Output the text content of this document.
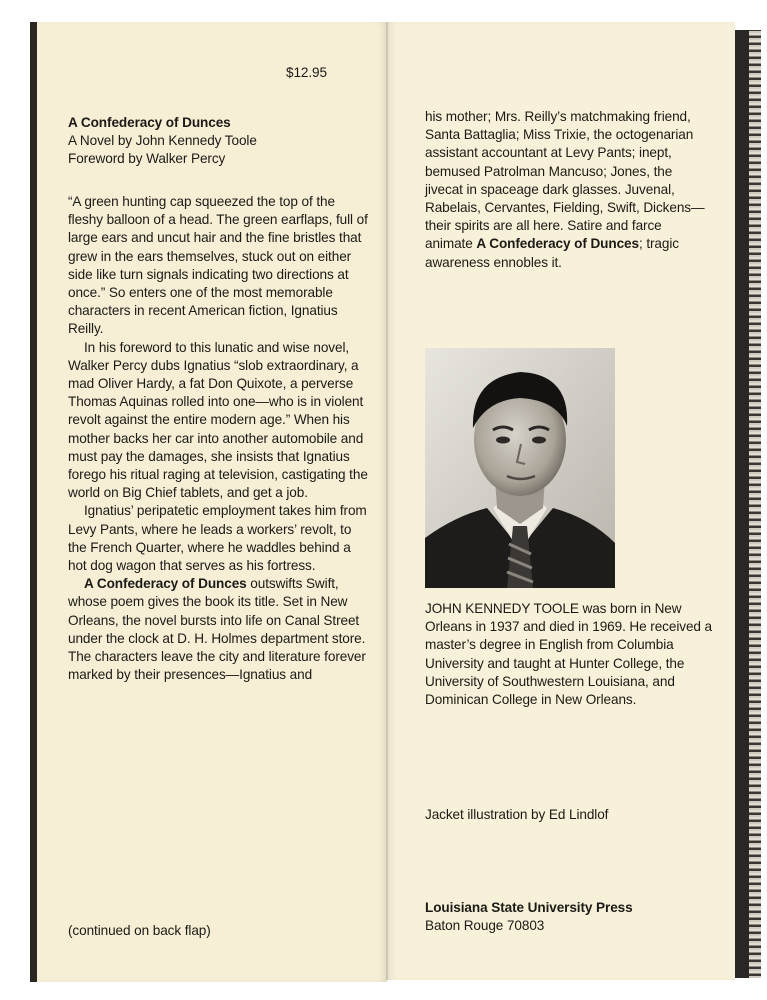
$12.95
A Confederacy of Dunces
A Novel by John Kennedy Toole
Foreword by Walker Percy

“A green hunting cap squeezed the top of the fleshy balloon of a head. The green earflaps, full of large ears and uncut hair and the fine bristles that grew in the ears themselves, stuck out on either side like turn signals indicating two directions at once.” So enters one of the most memorable characters in recent American fiction, Ignatius Reilly.

In his foreword to this lunatic and wise novel, Walker Percy dubs Ignatius “slob extraordinary, a mad Oliver Hardy, a fat Don Quixote, a perverse Thomas Aquinas rolled into one—who is in violent revolt against the entire modern age.” When his mother backs her car into another automobile and must pay the damages, she insists that Ignatius forego his ritual raging at television, castigating the world on Big Chief tablets, and get a job.

Ignatius’ peripatetic employment takes him from Levy Pants, where he leads a workers’ revolt, to the French Quarter, where he waddles behind a hot dog wagon that serves as his fortress.

A Confederacy of Dunces outswifts Swift, whose poem gives the book its title. Set in New Orleans, the novel bursts into life on Canal Street under the clock at D. H. Holmes department store. The characters leave the city and literature forever marked by their presences—Ignatius and

(continued on back flap)

his mother; Mrs. Reilly’s matchmaking friend, Santa Battaglia; Miss Trixie, the octogenarian assistant accountant at Levy Pants; inept, bemused Patrolman Mancuso; Jones, the jivecat in spaceage dark glasses. Juvenal, Rabelais, Cervantes, Fielding, Swift, Dickens—their spirits are all here. Satire and farce animate A Confederacy of Dunces; tragic awareness ennobles it.

JOHN KENNEDY TOOLE was born in New Orleans in 1937 and died in 1969. He received a master’s degree in English from Columbia University and taught at Hunter College, the University of Southwestern Louisiana, and Dominican College in New Orleans.
Jacket illustration by Ed Lindlof
Louisiana State University Press
Baton Rouge 70803
